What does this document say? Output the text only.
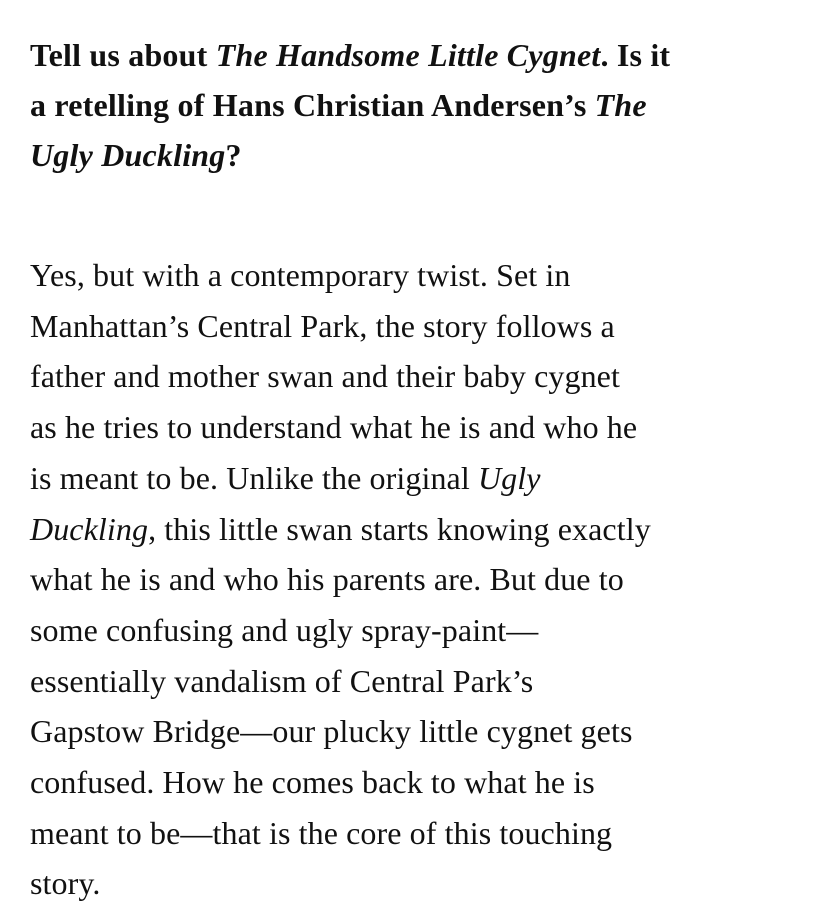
Tell us about The Handsome Little Cygnet. Is it
a retelling of Hans Christian Andersen’s The
Ugly Duckling?

Yes, but with a contemporary twist. Set in
Manhattan’s Central Park, the story follows a
father and mother swan and their baby cygnet
as he tries to understand what he is and who he
is meant to be. Unlike the original Ugly
Duckling, this little swan starts knowing exactly
what he is and who his parents are. But due to
some confusing and ugly spray-paint—
essentially vandalism of Central Park’s
Gapstow Bridge—our plucky little cygnet gets
confused. How he comes back to what he is
meant to be—that is the core of this touching
story.
